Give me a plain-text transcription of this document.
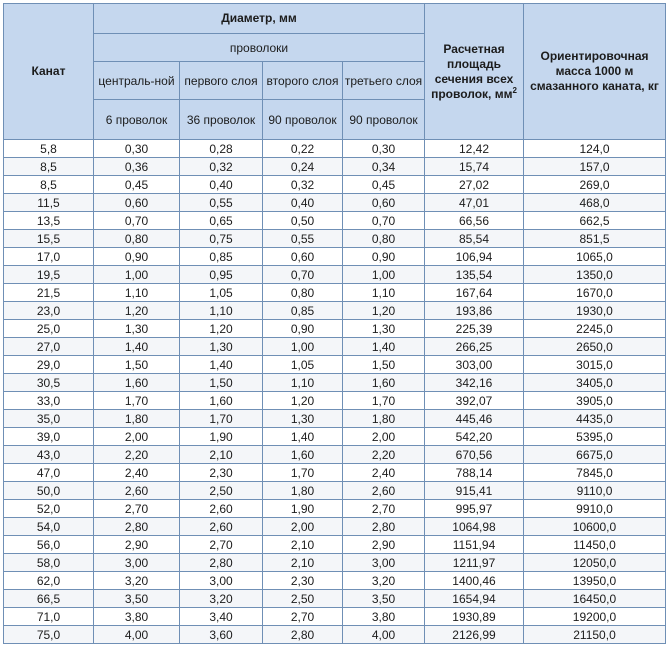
Канат	Диаметр, мм				Расчетная площадь сечения всех проволок, $мм^2$	Ориентировочная масса 1000 м смазанного каната, кг
	проволоки					
	централь-ной	первого слоя	второго слоя	третьего слоя		
	6 проволок	36 проволок	90 проволок	90 проволок		
5,8	0,30	0,28	0,22	0,30	12,42	124,0
8,5	0,36	0,32	0,24	0,34	15,74	157,0
8,5	0,45	0,40	0,32	0,45	27,02	269,0
11,5	0,60	0,55	0,40	0,60	47,01	468,0
13,5	0,70	0,65	0,50	0,70	66,56	662,5
15,5	0,80	0,75	0,55	0,80	85,54	851,5
17,0	0,90	0,85	0,60	0,90	106,94	1065,0
19,5	1,00	0,95	0,70	1,00	135,54	1350,0
21,5	1,10	1,05	0,80	1,10	167,64	1670,0
23,0	1,20	1,10	0,85	1,20	193,86	1930,0
25,0	1,30	1,20	0,90	1,30	225,39	2245,0
27,0	1,40	1,30	1,00	1,40	266,25	2650,0
29,0	1,50	1,40	1,05	1,50	303,00	3015,0
30,5	1,60	1,50	1,10	1,60	342,16	3405,0
33,0	1,70	1,60	1,20	1,70	392,07	3905,0
35,0	1,80	1,70	1,30	1,80	445,46	4435,0
39,0	2,00	1,90	1,40	2,00	542,20	5395,0
43,0	2,20	2,10	1,60	2,20	670,56	6675,0
47,0	2,40	2,30	1,70	2,40	788,14	7845,0
50,0	2,60	2,50	1,80	2,60	915,41	9110,0
52,0	2,70	2,60	1,90	2,70	995,97	9910,0
54,0	2,80	2,60	2,00	2,80	1064,98	10600,0
56,0	2,90	2,70	2,10	2,90	1151,94	11450,0
58,0	3,00	2,80	2,10	3,00	1211,97	12050,0
62,0	3,20	3,00	2,30	3,20	1400,46	13950,0
66,5	3,50	3,20	2,50	3,50	1654,94	16450,0
71,0	3,80	3,40	2,70	3,80	1930,89	19200,0
75,0	4,00	3,60	2,80	4,00	2126,99	21150,0
